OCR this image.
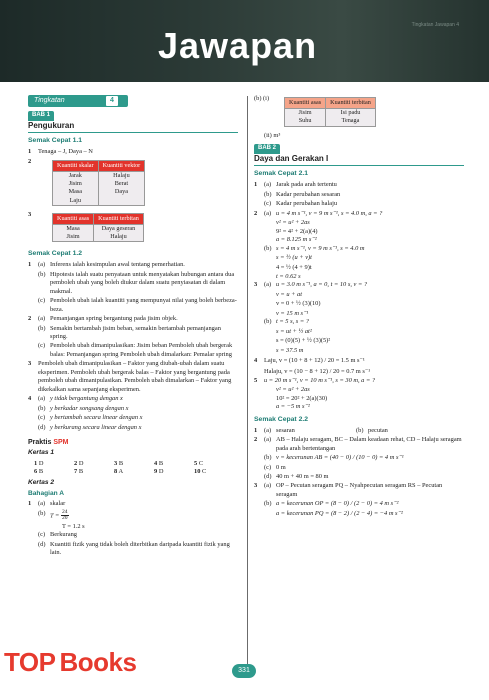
Jawapan	Tingkatan Jawapan 4
Tingkatan	4
BAB 1
Pengukuran
Semak Cepat 1.1
1	Tenaga – J, Daya – N
2
Kuantiti skalar	Kuantiti vektor
Jarak	Halaju
Jisim	Berat
Masa	Daya
Laju	
3
Kuantiti asas	Kuantiti terbitan
Masa	Daya geseran
Jisim	Halaju
Semak Cepat 1.2
1	(a) Inferens ialah kesimpulan awal tentang pemerhatian.
(b) Hipotesis ialah suatu penyataan untuk menyatakan hubungan antara dua pemboleh ubah yang boleh diukur dalam suatu penyiasatan di dalam makmal.
(c) Pemboleh ubah ialah kuantiti yang mempunyai nilai yang boleh berbeza-beza.
2	(a) Pemanjangan spring bergantung pada jisim objek.
(b) Semakin bertambah jisim beban, semakin bertambah pemanjangan spring.
(c) Pemboleh ubah dimanipulasikan: Jisim beban Pemboleh ubah bergerak balas: Pemanjangan spring Pemboleh ubah dimalarkan: Pemalar spring
3	Pemboleh ubah dimanipulasikan – Faktor yang diubah-ubah dalam suatu eksperimen. Pemboleh ubah bergerak balas – Faktor yang bergantung pada pemboleh ubah dimanipulasikan. Pemboleh ubah dimalarkan – Faktor yang dikekalkan sama sepanjang eksperimen.
4	(a) y tidak bergantung dengan x
(b) y berkadar songsang dengan x
(c) y bertambah secara linear dengan x
(d) y berkurang secara linear dengan x
Praktis SPM
Kertas 1
1 D	2 D	3 B	4 B	5 C
6 B	7 B	8 A	9 D	10 C
Kertas 2
Bahagian A
1	(a) skalar
(b) $T = \frac{24}{20}$
T = 1.2 s
(c) Berkurang
(d) Kuantiti fizik yang tidak boleh diterbitkan daripada kuantiti fizik yang lain.
(b) (i)
Kuantiti asas	Kuantiti terbitan
Jisim	Isi padu
Suhu	Tenaga
(ii) m³
BAB 2
Daya dan Gerakan I
Semak Cepat 2.1
1	(a) Jarak pada arah tertentu
(b) Kadar perubahan sesaran
(c) Kadar perubahan halaju
2	(a) u = 4 m s⁻¹, v = 9 m s⁻¹, s = 4.0 m, a = ?
v² = u² + 2as
9² = 4² + 2(a)(4)
a = 8.125 m s⁻²
(b) s = 4 m s⁻¹, v = 9 m s⁻¹, s = 4.0 m
s = ½ (u + v)t
4 = ½ (4 + 9)t
t = 0.62 s
3	(a) u = 3.0 m s⁻¹, a = 0, t = 10 s, v = ?
v = u + at
v = 0 + ½ (3)(10)
v = 15 m s⁻¹
(b) t = 5 s, s = ?
s = ut + ½ at²
s = (0)(5) + ½ (3)(5)²
s = 37.5 m
4	Laju, v = (10 + 8 + 12) / 20 = 1.5 m s⁻¹
Halaju, v = (10 − 8 + 12) / 20 = 0.7 m s⁻¹
5	u = 20 m s⁻¹, v = 10 m s⁻¹, s = 30 m, a = ?
v² = u² + 2as
10² = 20² + 2(a)(30)
a = −5 m s⁻²
Semak Cepat 2.2
1	(a) sesaran	(b) pecutan
2	(a) AB – Halaju seragam, BC – Dalam keadaan rehat, CD – Halaju seragam pada arah bertentangan
(b) v = kecerunan AB = (40 − 0) / (10 − 0) = 4 m s⁻¹
(c) 0 m
(d) 40 m + 40 m = 80 m
3	(a) OP – Pecutan seragam PQ – Nyahpecutan seragam RS – Pecutan seragam
(b) a = kecerunan OP = (8 − 0) / (2 − 0) = 4 m s⁻²
a = kecerunan PQ = (8 − 2) / (2 − 4) = −4 m s⁻²
TOP Books	331
